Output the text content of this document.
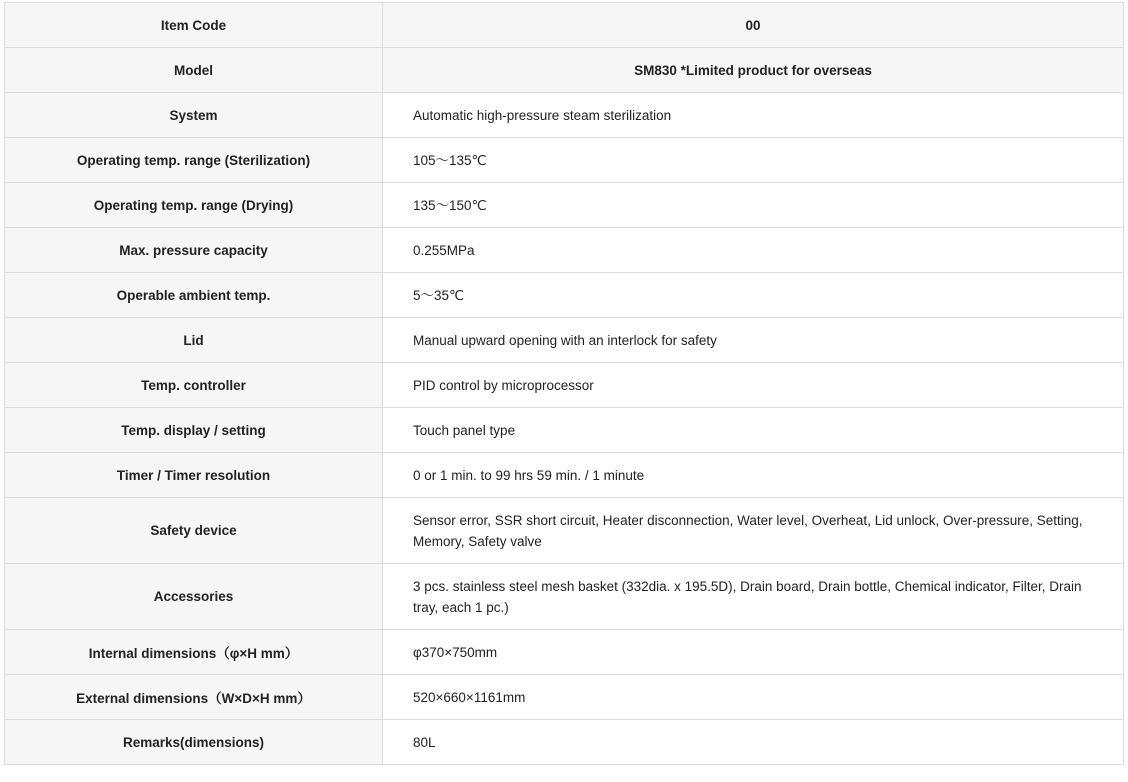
Item Code	00
Model	SM830 *Limited product for overseas
System	Automatic high-pressure steam sterilization
Operating temp. range (Sterilization)	105～135℃
Operating temp. range (Drying)	135～150℃
Max. pressure capacity	0.255MPa
Operable ambient temp.	5～35℃
Lid	Manual upward opening with an interlock for safety
Temp. controller	PID control by microprocessor
Temp. display / setting	Touch panel type
Timer / Timer resolution	0 or 1 min. to 99 hrs 59 min. / 1 minute
Safety device	Sensor error, SSR short circuit, Heater disconnection, Water level, Overheat, Lid unlock, Over-pressure, Setting, Memory, Safety valve
Accessories	3 pcs. stainless steel mesh basket (332dia. x 195.5D), Drain board, Drain bottle, Chemical indicator, Filter, Drain tray, each 1 pc.)
Internal dimensions（φ×H mm）	φ370×750mm
External dimensions（W×D×H mm）	520×660×1161mm
Remarks(dimensions)	80L
